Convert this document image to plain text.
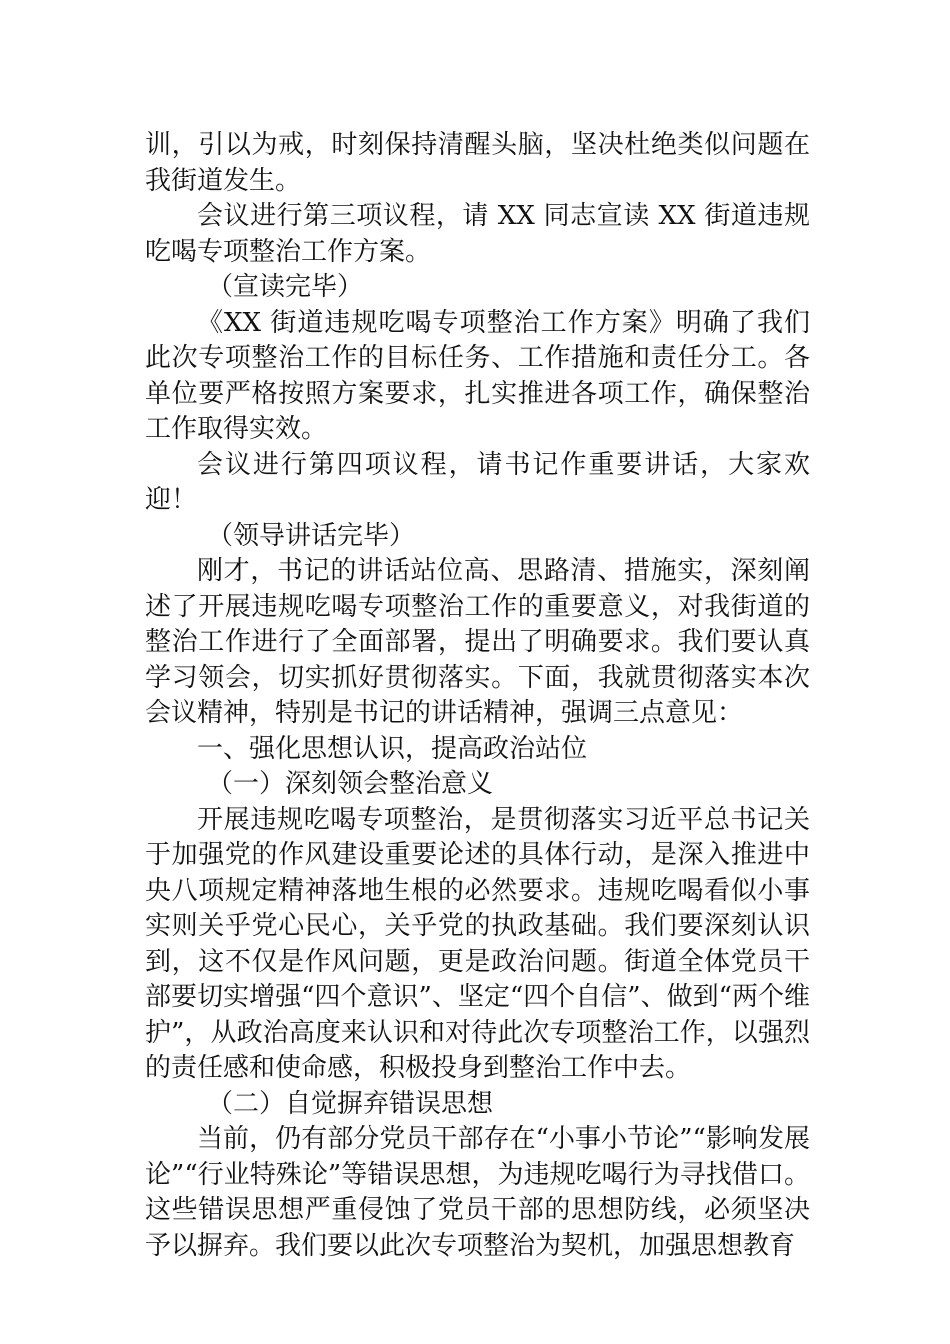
训，引以为戒，时刻保持清醒头脑，坚决杜绝类似问题在我街道发生。

会议进行第三项议程，请 XX 同志宣读 XX 街道违规吃喝专项整治工作方案。

（宣读完毕）

《XX 街道违规吃喝专项整治工作方案》明确了我们此次专项整治工作的目标任务、工作措施和责任分工。各单位要严格按照方案要求，扎实推进各项工作，确保整治工作取得实效。

会议进行第四项议程，请书记作重要讲话，大家欢迎！

（领导讲话完毕）

刚才，书记的讲话站位高、思路清、措施实，深刻阐述了开展违规吃喝专项整治工作的重要意义，对我街道的整治工作进行了全面部署，提出了明确要求。我们要认真学习领会，切实抓好贯彻落实。下面，我就贯彻落实本次会议精神，特别是书记的讲话精神，强调三点意见：

一、强化思想认识，提高政治站位

（一）深刻领会整治意义

开展违规吃喝专项整治，是贯彻落实习近平总书记关于加强党的作风建设重要论述的具体行动，是深入推进中央八项规定精神落地生根的必然要求。违规吃喝看似小事实则关乎党心民心，关乎党的执政基础。我们要深刻认识到，这不仅是作风问题，更是政治问题。街道全体党员干部要切实增强“四个意识”、坚定“四个自信”、做到“两个维护”，从政治高度来认识和对待此次专项整治工作，以强烈的责任感和使命感，积极投身到整治工作中去。

（二）自觉摒弃错误思想

当前，仍有部分党员干部存在“小事小节论”“影响发展论”“行业特殊论”等错误思想，为违规吃喝行为寻找借口。这些错误思想严重侵蚀了党员干部的思想防线，必须坚决予以摒弃。我们要以此次专项整治为契机，加强思想教育
